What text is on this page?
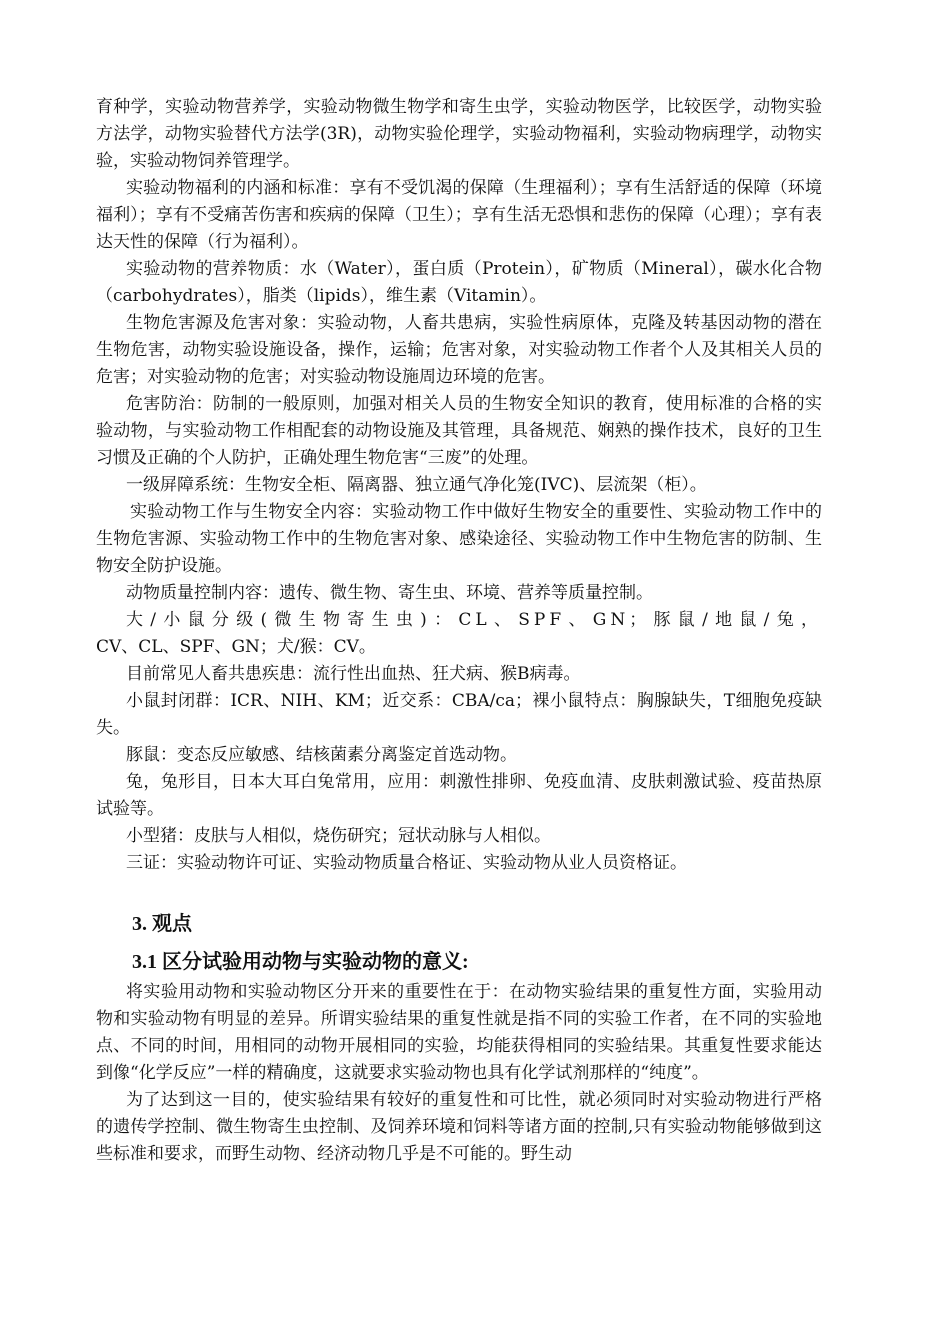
育种学，实验动物营养学，实验动物微生物学和寄生虫学，实验动物医学，比较医学，动物实验方法学，动物实验替代方法学(3R)，动物实验伦理学，实验动物福利，实验动物病理学，动物实验，实验动物饲养管理学。

实验动物福利的内涵和标准：享有不受饥渴的保障（生理福利）；享有生活舒适的保障（环境福利）；享有不受痛苦伤害和疾病的保障（卫生）；享有生活无恐惧和悲伤的保障（心理）；享有表达天性的保障（行为福利）。

实验动物的营养物质：水（Water），蛋白质（Protein），矿物质（Mineral），碳水化合物（carbohydrates），脂类（lipids），维生素（Vitamin）。

生物危害源及危害对象：实验动物，人畜共患病，实验性病原体，克隆及转基因动物的潜在生物危害，动物实验设施设备，操作，运输；危害对象，对实验动物工作者个人及其相关人员的危害；对实验动物的危害；对实验动物设施周边环境的危害。

危害防治：防制的一般原则，加强对相关人员的生物安全知识的教育，使用标准的合格的实验动物，与实验动物工作相配套的动物设施及其管理，具备规范、娴熟的操作技术，良好的卫生习惯及正确的个人防护，正确处理生物危害“三废”的处理。

一级屏障系统：生物安全柜、隔离器、独立通气净化笼(IVC)、层流架（柜）。

实验动物工作与生物安全内容：实验动物工作中做好生物安全的重要性、实验动物工作中的生物危害源、实验动物工作中的生物危害对象、感染途径、实验动物工作中生物危害的防制、生物安全防护设施。

动物质量控制内容：遗传、微生物、寄生虫、环境、营养等质量控制。

大/小鼠分级(微生物寄生虫)：CL、SPF、GN；豚鼠/地鼠/兔，

CV、CL、SPF、GN；犬/猴：CV。

目前常见人畜共患疾患：流行性出血热、狂犬病、猴B病毒。

小鼠封闭群：ICR、NIH、KM；近交系：CBA/ca；裸小鼠特点：胸腺缺失，T细胞免疫缺失。

豚鼠：变态反应敏感、结核菌素分离鉴定首选动物。

兔，兔形目，日本大耳白兔常用，应用：刺激性排卵、免疫血清、皮肤刺激试验、疫苗热原试验等。

小型猪：皮肤与人相似，烧伤研究；冠状动脉与人相似。

三证：实验动物许可证、实验动物质量合格证、实验动物从业人员资格证。

3. 观点
3.1 区分试验用动物与实验动物的意义:

将实验用动物和实验动物区分开来的重要性在于：在动物实验结果的重复性方面，实验用动物和实验动物有明显的差异。所谓实验结果的重复性就是指不同的实验工作者，在不同的实验地点、不同的时间，用相同的动物开展相同的实验，均能获得相同的实验结果。其重复性要求能达到像“化学反应”一样的精确度，这就要求实验动物也具有化学试剂那样的“纯度”。

为了达到这一目的，使实验结果有较好的重复性和可比性，就必须同时对实验动物进行严格的遗传学控制、微生物寄生虫控制、及饲养环境和饲料等诸方面的控制,只有实验动物能够做到这些标准和要求，而野生动物、经济动物几乎是不可能的。野生动
